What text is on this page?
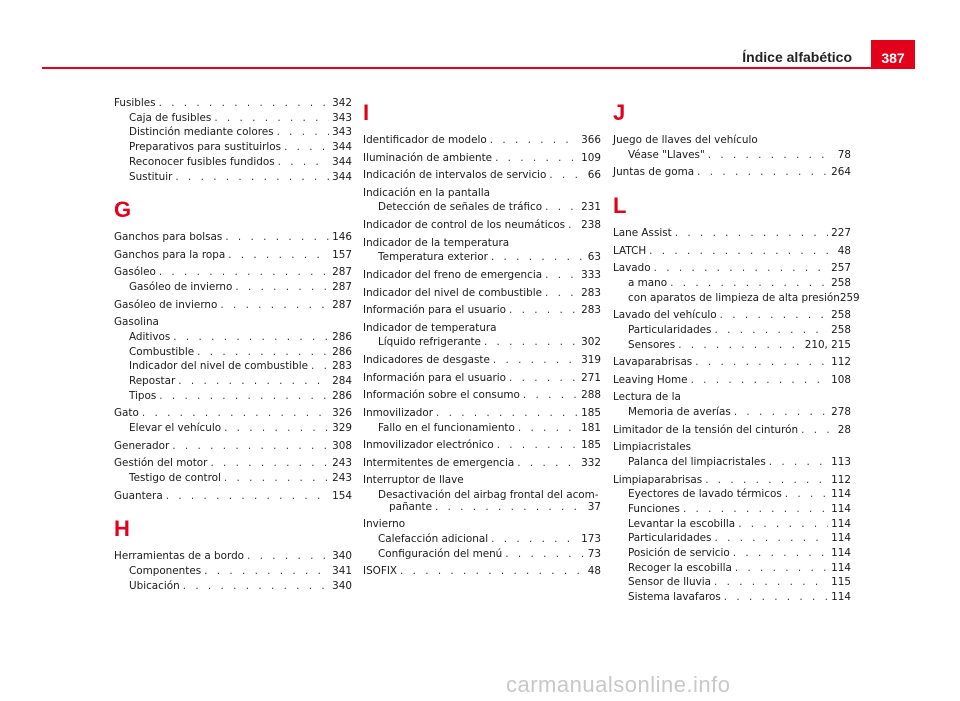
Índice alfabético	387
Fusibles . . .	342
Caja de fusibles . . .	343
Distinción mediante colores . . .	343
Preparativos para sustituirlos . . .	344
Reconocer fusibles fundidos . . .	344
Sustituir . . .	344
G
Ganchos para bolsas . . .	146
Ganchos para la ropa . . .	157
Gasóleo . . .	287
Gasóleo de invierno . . .	287
Gasóleo de invierno . . .	287
Gasolina
Aditivos . . .	286
Combustible . . .	286
Indicador del nivel de combustible . . . 283
Repostar . . .	284
Tipos . . .	286
Gato . . .	326
Elevar el vehículo . . .	329
Generador . . .	308
Gestión del motor . . .	243
Testigo de control . . .	243
Guantera . . .	154
H
Herramientas de a bordo . . .	340
Componentes . . .	341
Ubicación . . .	340
I
Identificador de modelo . . .	366
Iluminación de ambiente . . .	109
Indicación de intervalos de servicio . . .	66
Indicación en la pantalla
Detección de señales de tráfico . . .	231
Indicador de control de los neumáticos . . . 238
Indicador de la temperatura
Temperatura exterior . . .	63
Indicador del freno de emergencia . . .	333
Indicador del nivel de combustible . . .	283
Información para el usuario . . .	283
Indicador de temperatura
Líquido refrigerante . . .	302
Indicadores de desgaste . . .	319
Información para el usuario . . .	271
Información sobre el consumo . . .	288
Inmovilizador . . .	185
Fallo en el funcionamiento . . .	181
Inmovilizador electrónico . . .	185
Intermitentes de emergencia . . .	332
Interruptor de llave
Desactivación del airbag frontal del acom-
pañante . . .	37
Invierno
Calefacción adicional . . .	173
Configuración del menú . . .	73
ISOFIX . . .	48
J
Juego de llaves del vehículo
Véase "Llaves" . . .	78
Juntas de goma . . .	264
L
Lane Assist . . .	227
LATCH . . .	48
Lavado . . .	257
a mano . . .	258
con aparatos de limpieza de alta presión 259
Lavado del vehículo . . .	258
Particularidades . . .	258
Sensores . . .	210, 215
Lavaparabrisas . . .	112
Leaving Home . . .	108
Lectura de la
Memoria de averías . . .	278
Limitador de la tensión del cinturón . . .	28
Limpiacristales
Palanca del limpiacristales . . .	113
Limpiaparabrisas . . .	112
Eyectores de lavado térmicos . . .	114
Funciones . . .	114
Levantar la escobilla . . .	114
Particularidades . . .	114
Posición de servicio . . .	114
Recoger la escobilla . . .	114
Sensor de lluvia . . .	115
Sistema lavafaros . . .	114
carmanualsonline.info
